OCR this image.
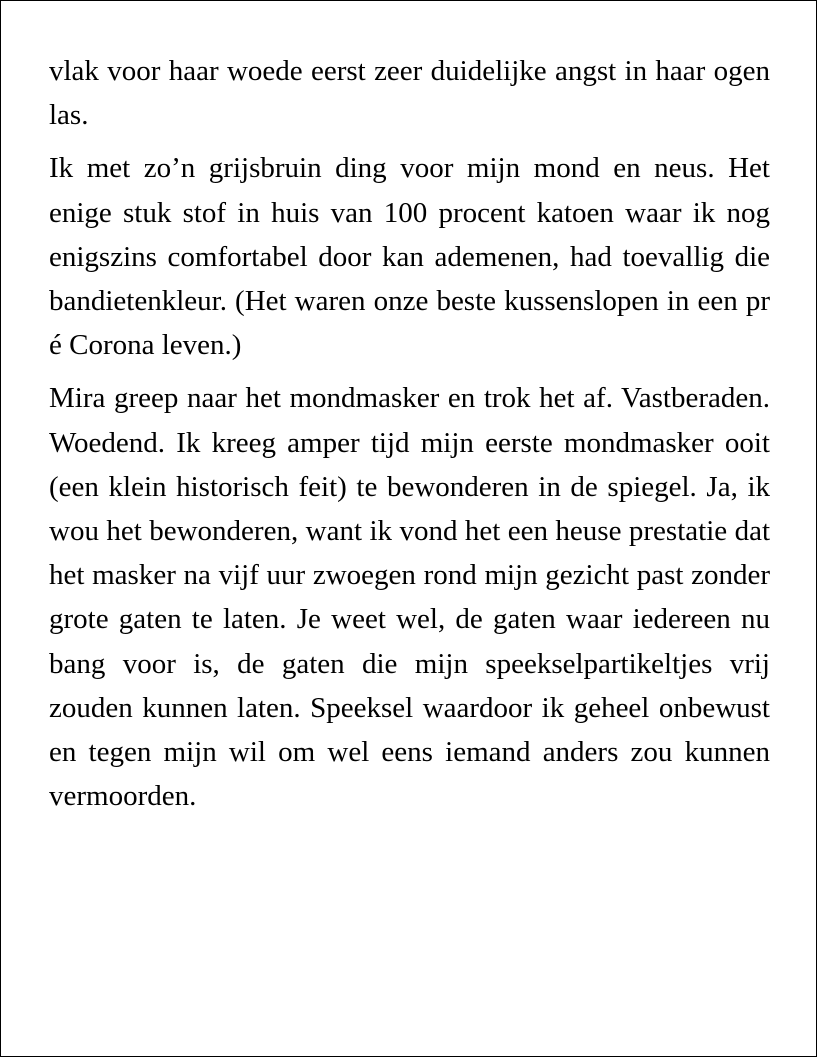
vlak voor haar woede eerst zeer duidelijke angst in haar ogen las.

Ik met zo’n grijsbruin ding voor mijn mond en neus. Het enige stuk stof in huis van 100 procent katoen waar ik nog enigszins comfortabel door kan ademenen, had toevallig die bandietenkleur. (Het waren onze beste kussenslopen in een pr é Corona leven.)

Mira greep naar het mondmasker en trok het af. Vastberaden. Woedend. Ik kreeg amper tijd mijn eerste mondmasker ooit (een klein historisch feit) te bewonderen in de spiegel. Ja, ik wou het bewonderen, want ik vond het een heuse prestatie dat het masker na vijf uur zwoegen rond mijn gezicht past zonder grote gaten te laten. Je weet wel, de gaten waar iedereen nu bang voor is, de gaten die mijn speekselpartikeltjes vrij zouden kunnen laten. Speeksel waardoor ik geheel onbewust en tegen mijn wil om wel eens iemand anders zou kunnen vermoorden.
